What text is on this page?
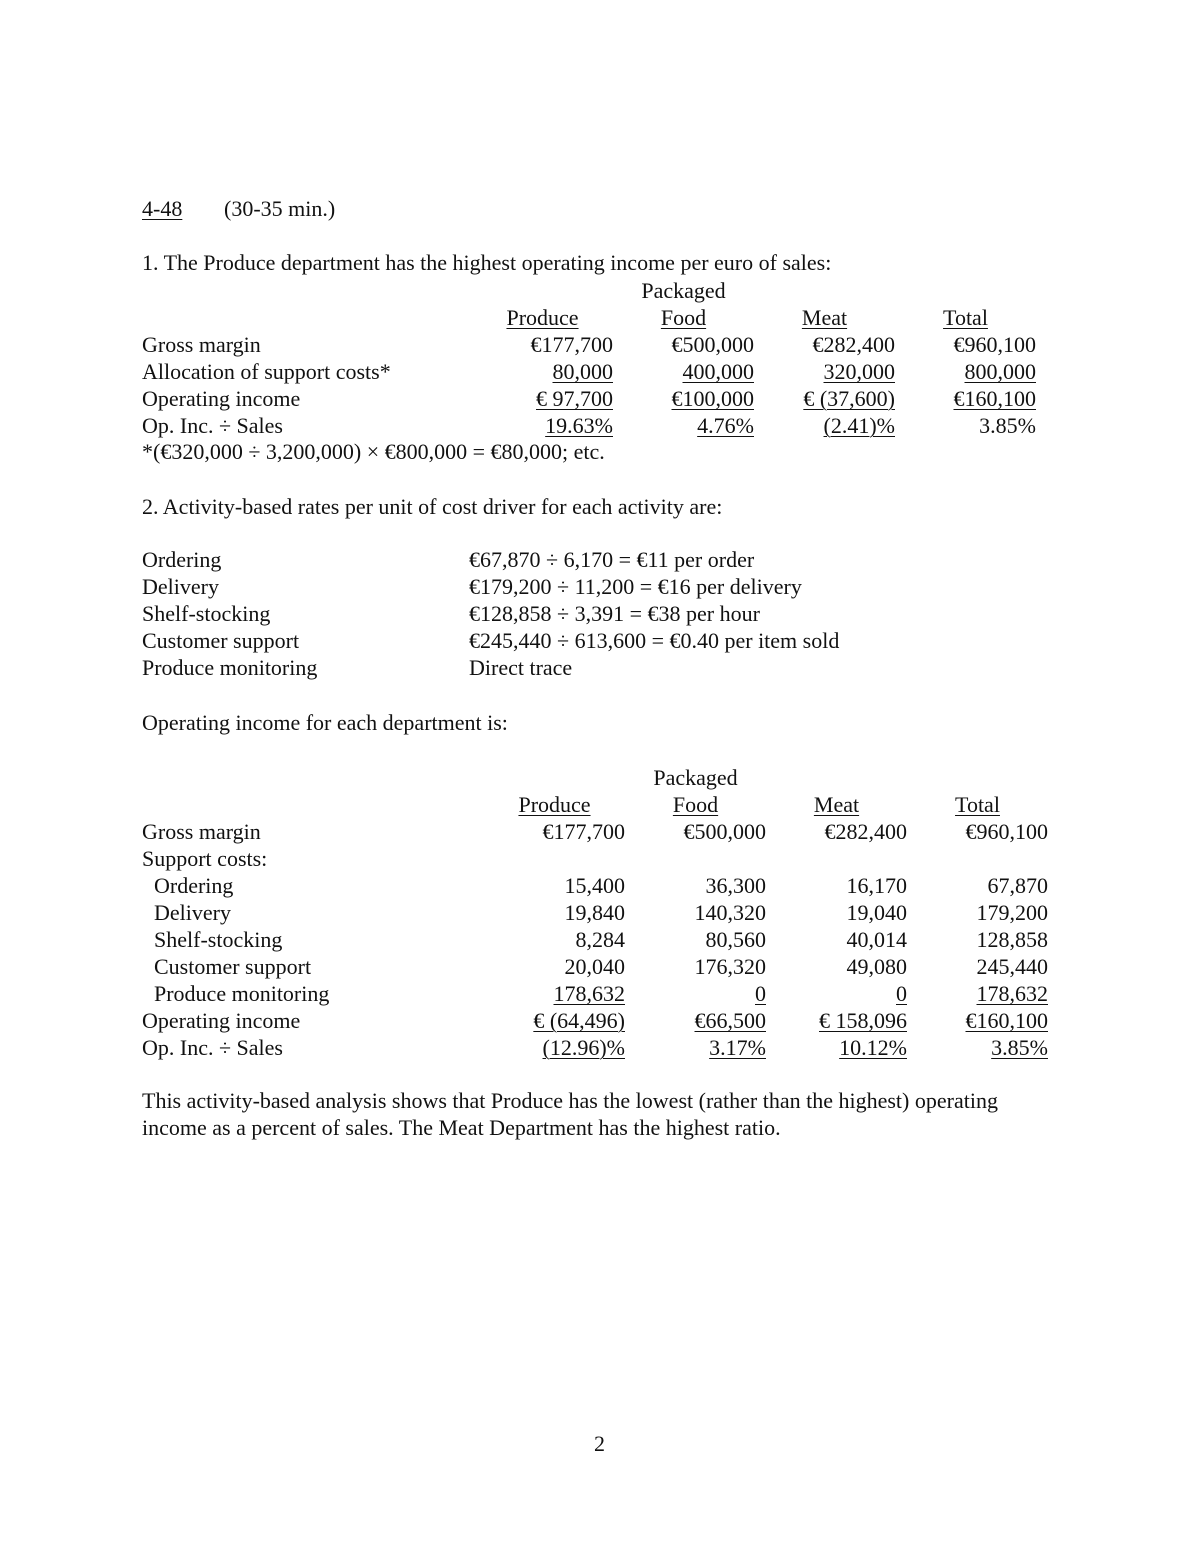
4-48 (30-35 min.)
1. The Produce department has the highest operating income per euro of sales:
		Packaged		
	Produce	Food	Meat	Total
Gross margin	€177,700	€500,000	€282,400	€960,100
Allocation of support costs*	80,000	400,000	320,000	800,000
Operating income	€ 97,700	€100,000	€ (37,600)	€160,100
Op. Inc. ÷ Sales	19.63%	4.76%	(2.41)%	3.85%
*(€320,000 ÷ 3,200,000) × €800,000 = €80,000; etc.
2. Activity-based rates per unit of cost driver for each activity are:
Ordering	€67,870 ÷ 6,170 = €11 per order
Delivery	€179,200 ÷ 11,200 = €16 per delivery
Shelf-stocking	€128,858 ÷ 3,391 = €38 per hour
Customer support	€245,440 ÷ 613,600 = €0.40 per item sold
Produce monitoring	Direct trace
Operating income for each department is:
		Packaged		
	Produce	Food	Meat	Total
Gross margin	€177,700	€500,000	€282,400	€960,100
Support costs:				
Ordering	15,400	36,300	16,170	67,870
Delivery	19,840	140,320	19,040	179,200
Shelf-stocking	8,284	80,560	40,014	128,858
Customer support	20,040	176,320	49,080	245,440
Produce monitoring	178,632	0	0	178,632
Operating income	€ (64,496)	€66,500	€ 158,096	€160,100
Op. Inc. ÷ Sales	(12.96)%	3.17%	10.12%	3.85%
This activity-based analysis shows that Produce has the lowest (rather than the highest) operating
income as a percent of sales. The Meat Department has the highest ratio.
2
